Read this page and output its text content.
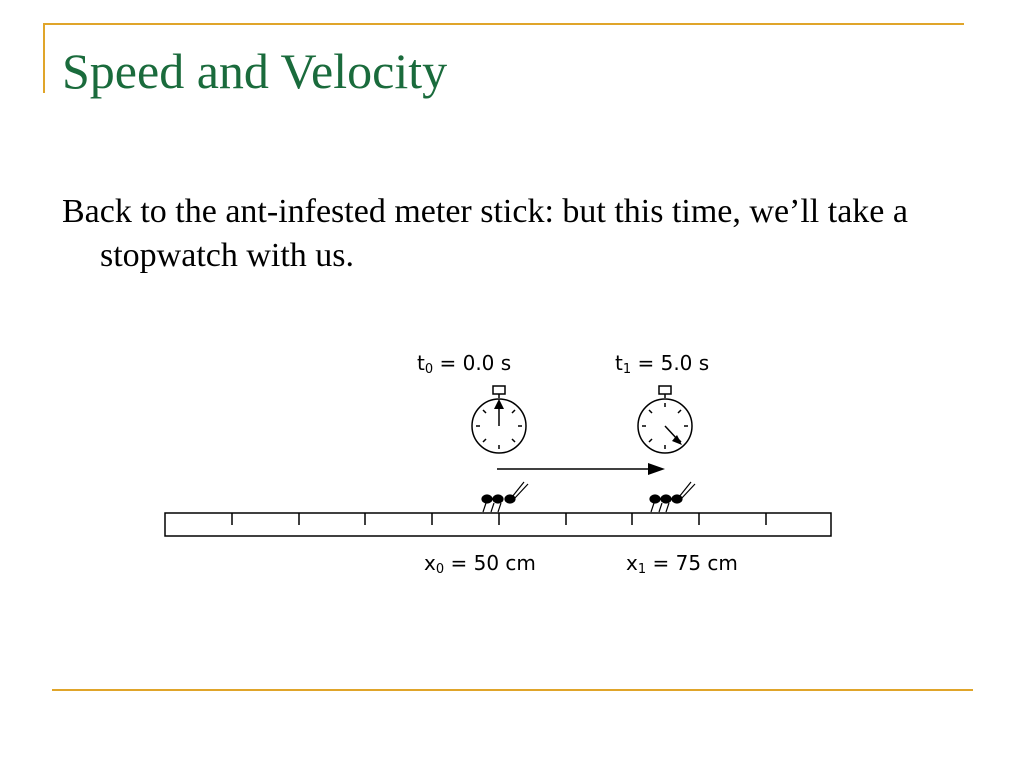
Speed and Velocity
Back to the ant-infested meter stick: but this time, we’ll take a stopwatch with us.
$t_0 = 0.0$ s	$t_1 = 5.0$ s
$x_0 = 50$ cm	$x_1 = 75$ cm
